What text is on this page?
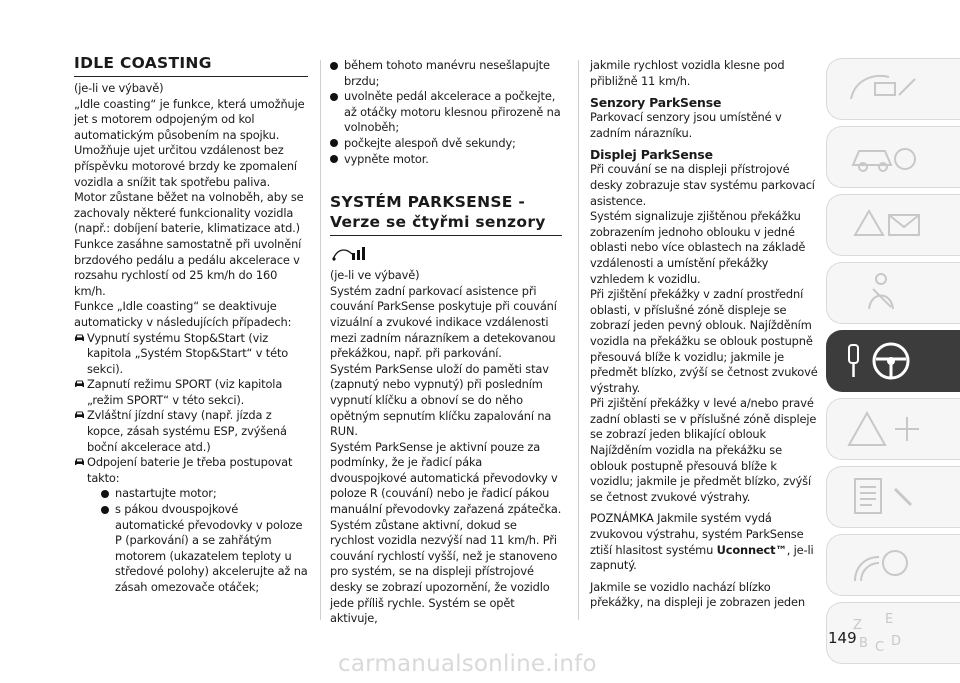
IDLE COASTING

(je-li ve výbavě)

„Idle coasting“ je funkce, která umožňuje jet s motorem odpojeným od kol automatickým působením na spojku. Umožňuje ujet určitou vzdálenost bez příspěvku motorové brzdy ke zpomalení vozidla a snížit tak spotřebu paliva.

Motor zůstane běžet na volnoběh, aby se zachovaly některé funkcionality vozidla (např.: dobíjení baterie, klimatizace atd.)

Funkce zasáhne samostatně při uvolnění brzdového pedálu a pedálu akcelerace v rozsahu rychlostí od 25 km/h do 160 km/h.

Funkce „Idle coasting“ se deaktivuje automaticky v následujících případech:

Vypnutí systému Stop&Start (viz kapitola „Systém Stop&Start“ v této sekci).
Zapnutí režimu SPORT (viz kapitola „režim SPORT“ v této sekci).
Zvláštní jízdní stavy (např. jízda z kopce, zásah systému ESP, zvýšená boční akcelerace atd.)
Odpojení baterie Je třeba postupovat takto:
nastartujte motor;
s pákou dvouspojkové automatické převodovky v poloze P (parkování) a se zahřátým motorem (ukazatelem teploty u středové polohy) akcelerujte až na zásah omezovače otáček;
během tohoto manévru nesešlapujte brzdu;
uvolněte pedál akcelerace a počkejte, až otáčky motoru klesnou přirozeně na volnoběh;
počkejte alespoň dvě sekundy;
vypněte motor.
SYSTÉM PARKSENSE -
Verze se čtyřmi senzory

(je-li ve výbavě)

Systém zadní parkovací asistence při couvání ParkSense poskytuje při couvání vizuální a zvukové indikace vzdálenosti mezi zadním nárazníkem a detekovanou překážkou, např. při parkování.

Systém ParkSense uloží do paměti stav (zapnutý nebo vypnutý) při posledním vypnutí klíčku a obnoví se do něho opětným sepnutím klíčku zapalování na RUN.

Systém ParkSense je aktivní pouze za podmínky, že je řadicí páka dvouspojkové automatická převodovky v poloze R (couvání) nebo je řadicí pákou manuální převodovky zařazená zpátečka. Systém zůstane aktivní, dokud se rychlost vozidla nezvýší nad 11 km/h. Při couvání rychlostí vyšší, než je stanoveno pro systém, se na displeji přístrojové desky se zobrazí upozornění, že vozidlo jede příliš rychle. Systém se opět aktivuje,

jakmile rychlost vozidla klesne pod přibližně 11 km/h.

Senzory ParkSense

Parkovací senzory jsou umístěné v zadním nárazníku.

Displej ParkSense

Při couvání se na displeji přístrojové desky zobrazuje stav systému parkovací asistence.

Systém signalizuje zjištěnou překážku zobrazením jednoho oblouku v jedné oblasti nebo více oblastech na základě vzdálenosti a umístění překážky vzhledem k vozidlu.

Při zjištění překážky v zadní prostřední oblasti, v příslušné zóně displeje se zobrazí jeden pevný oblouk. Najížděním vozidla na překážku se oblouk postupně přesouvá blíže k vozidlu; jakmile je předmět blízko, zvýší se četnost zvukové výstrahy.

Při zjištění překážky v levé a/nebo pravé zadní oblasti se v příslušné zóně displeje se zobrazí jeden blikající oblouk Najížděním vozidla na překážku se oblouk postupně přesouvá blíže k vozidlu; jakmile je předmět blízko, zvýší se četnost zvukové výstrahy.

POZNÁMKA Jakmile systém vydá zvukovou výstrahu, systém ParkSense ztiší hlasitost systému Uconnect™, je-li zapnutý.

Jakmile se vozidlo nachází blízko překážky, na displeji je zobrazen jeden

Z E
B C D
149
carmanualsonline.info
